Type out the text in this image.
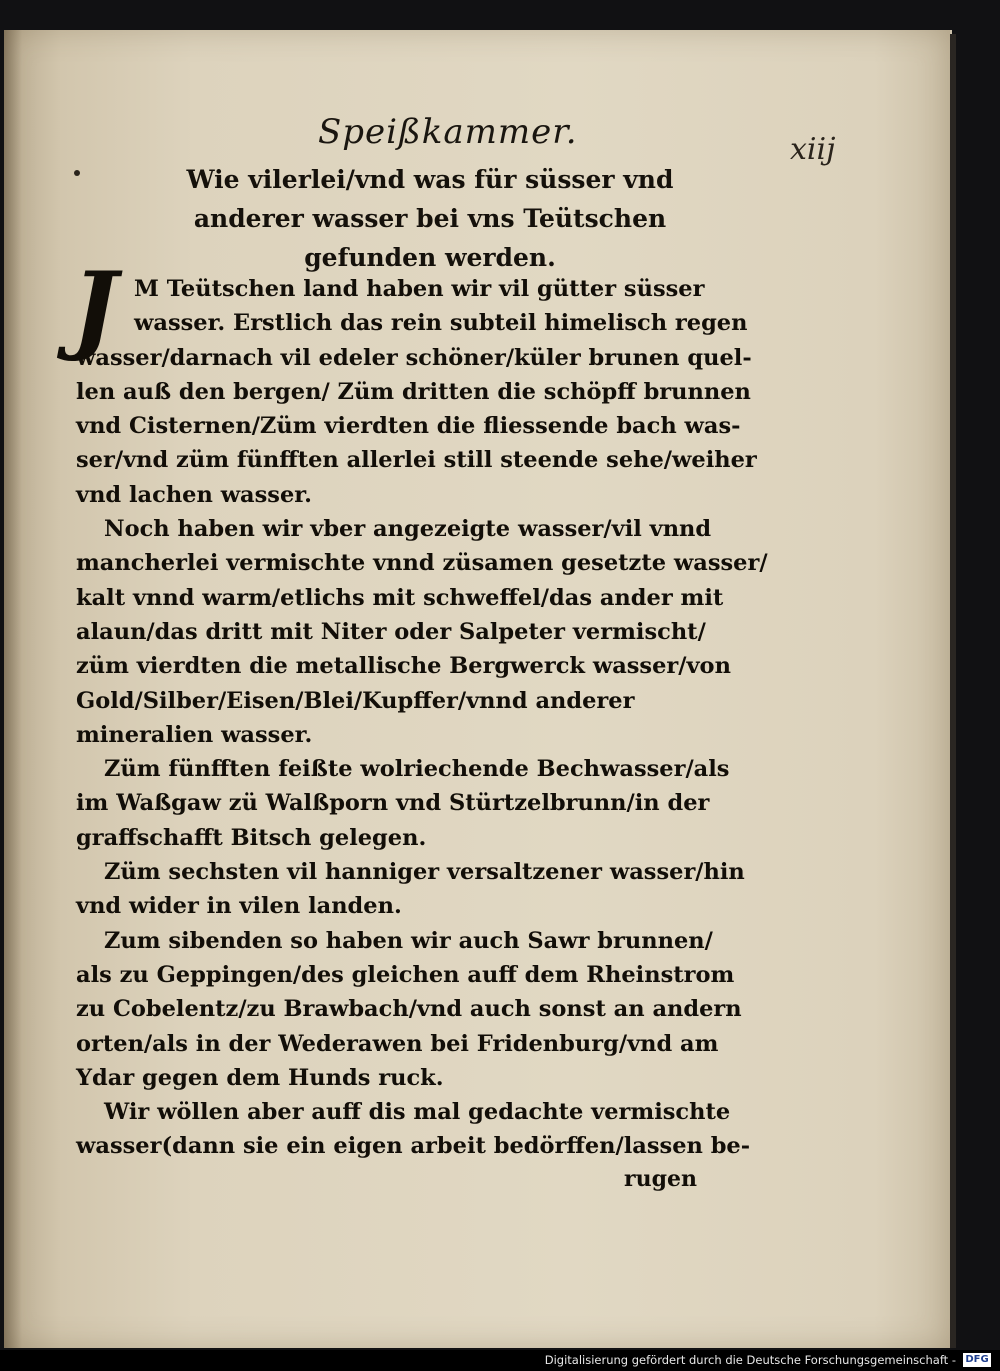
Speißkammer.	xiij
Wie vilerlei/vnd was für süsser vnd
anderer wasser bei vns Teütschen
gefunden werden.
J M Teütschen land haben wir vil gütter süsser
wasser. Erstlich das rein subteil himelisch regen
wasser/darnach vil edeler schöner/küler brunen quel-
len auß den bergen/ Züm dritten die schöpff brunnen
vnd Cisternen/Züm vierdten die fliessende bach was-
ser/vnd züm fünfften allerlei still steende sehe/weiher
vnd lachen wasser.
Noch haben wir vber angezeigte wasser/vil vnnd
mancherlei vermischte vnnd züsamen gesetzte wasser/
kalt vnnd warm/etlichs mit schweffel/das ander mit
alaun/das dritt mit Niter oder Salpeter vermischt/
züm vierdten die metallische Bergwerck wasser/von
Gold/Silber/Eisen/Blei/Kupffer/vnnd anderer
mineralien wasser.
Züm fünfften feißte wolriechende Bechwasser/als
im Waßgaw zü Walßporn vnd Stürtzelbrunn/in der
graffschafft Bitsch gelegen.
Züm sechsten vil hanniger versaltzener wasser/hin
vnd wider in vilen landen.
Zum sibenden so haben wir auch Sawr brunnen/
als zu Geppingen/des gleichen auff dem Rheinstrom
zu Cobelentz/zu Brawbach/vnd auch sonst an andern
orten/als in der Wederawen bei Fridenburg/vnd am
Ydar gegen dem Hunds ruck.
Wir wöllen aber auff dis mal gedachte vermischte
wasser(dann sie ein eigen arbeit bedörffen/lassen be-
rugen
Digitalisierung gefördert durch die Deutsche Forschungsgemeinschaft - DFG
